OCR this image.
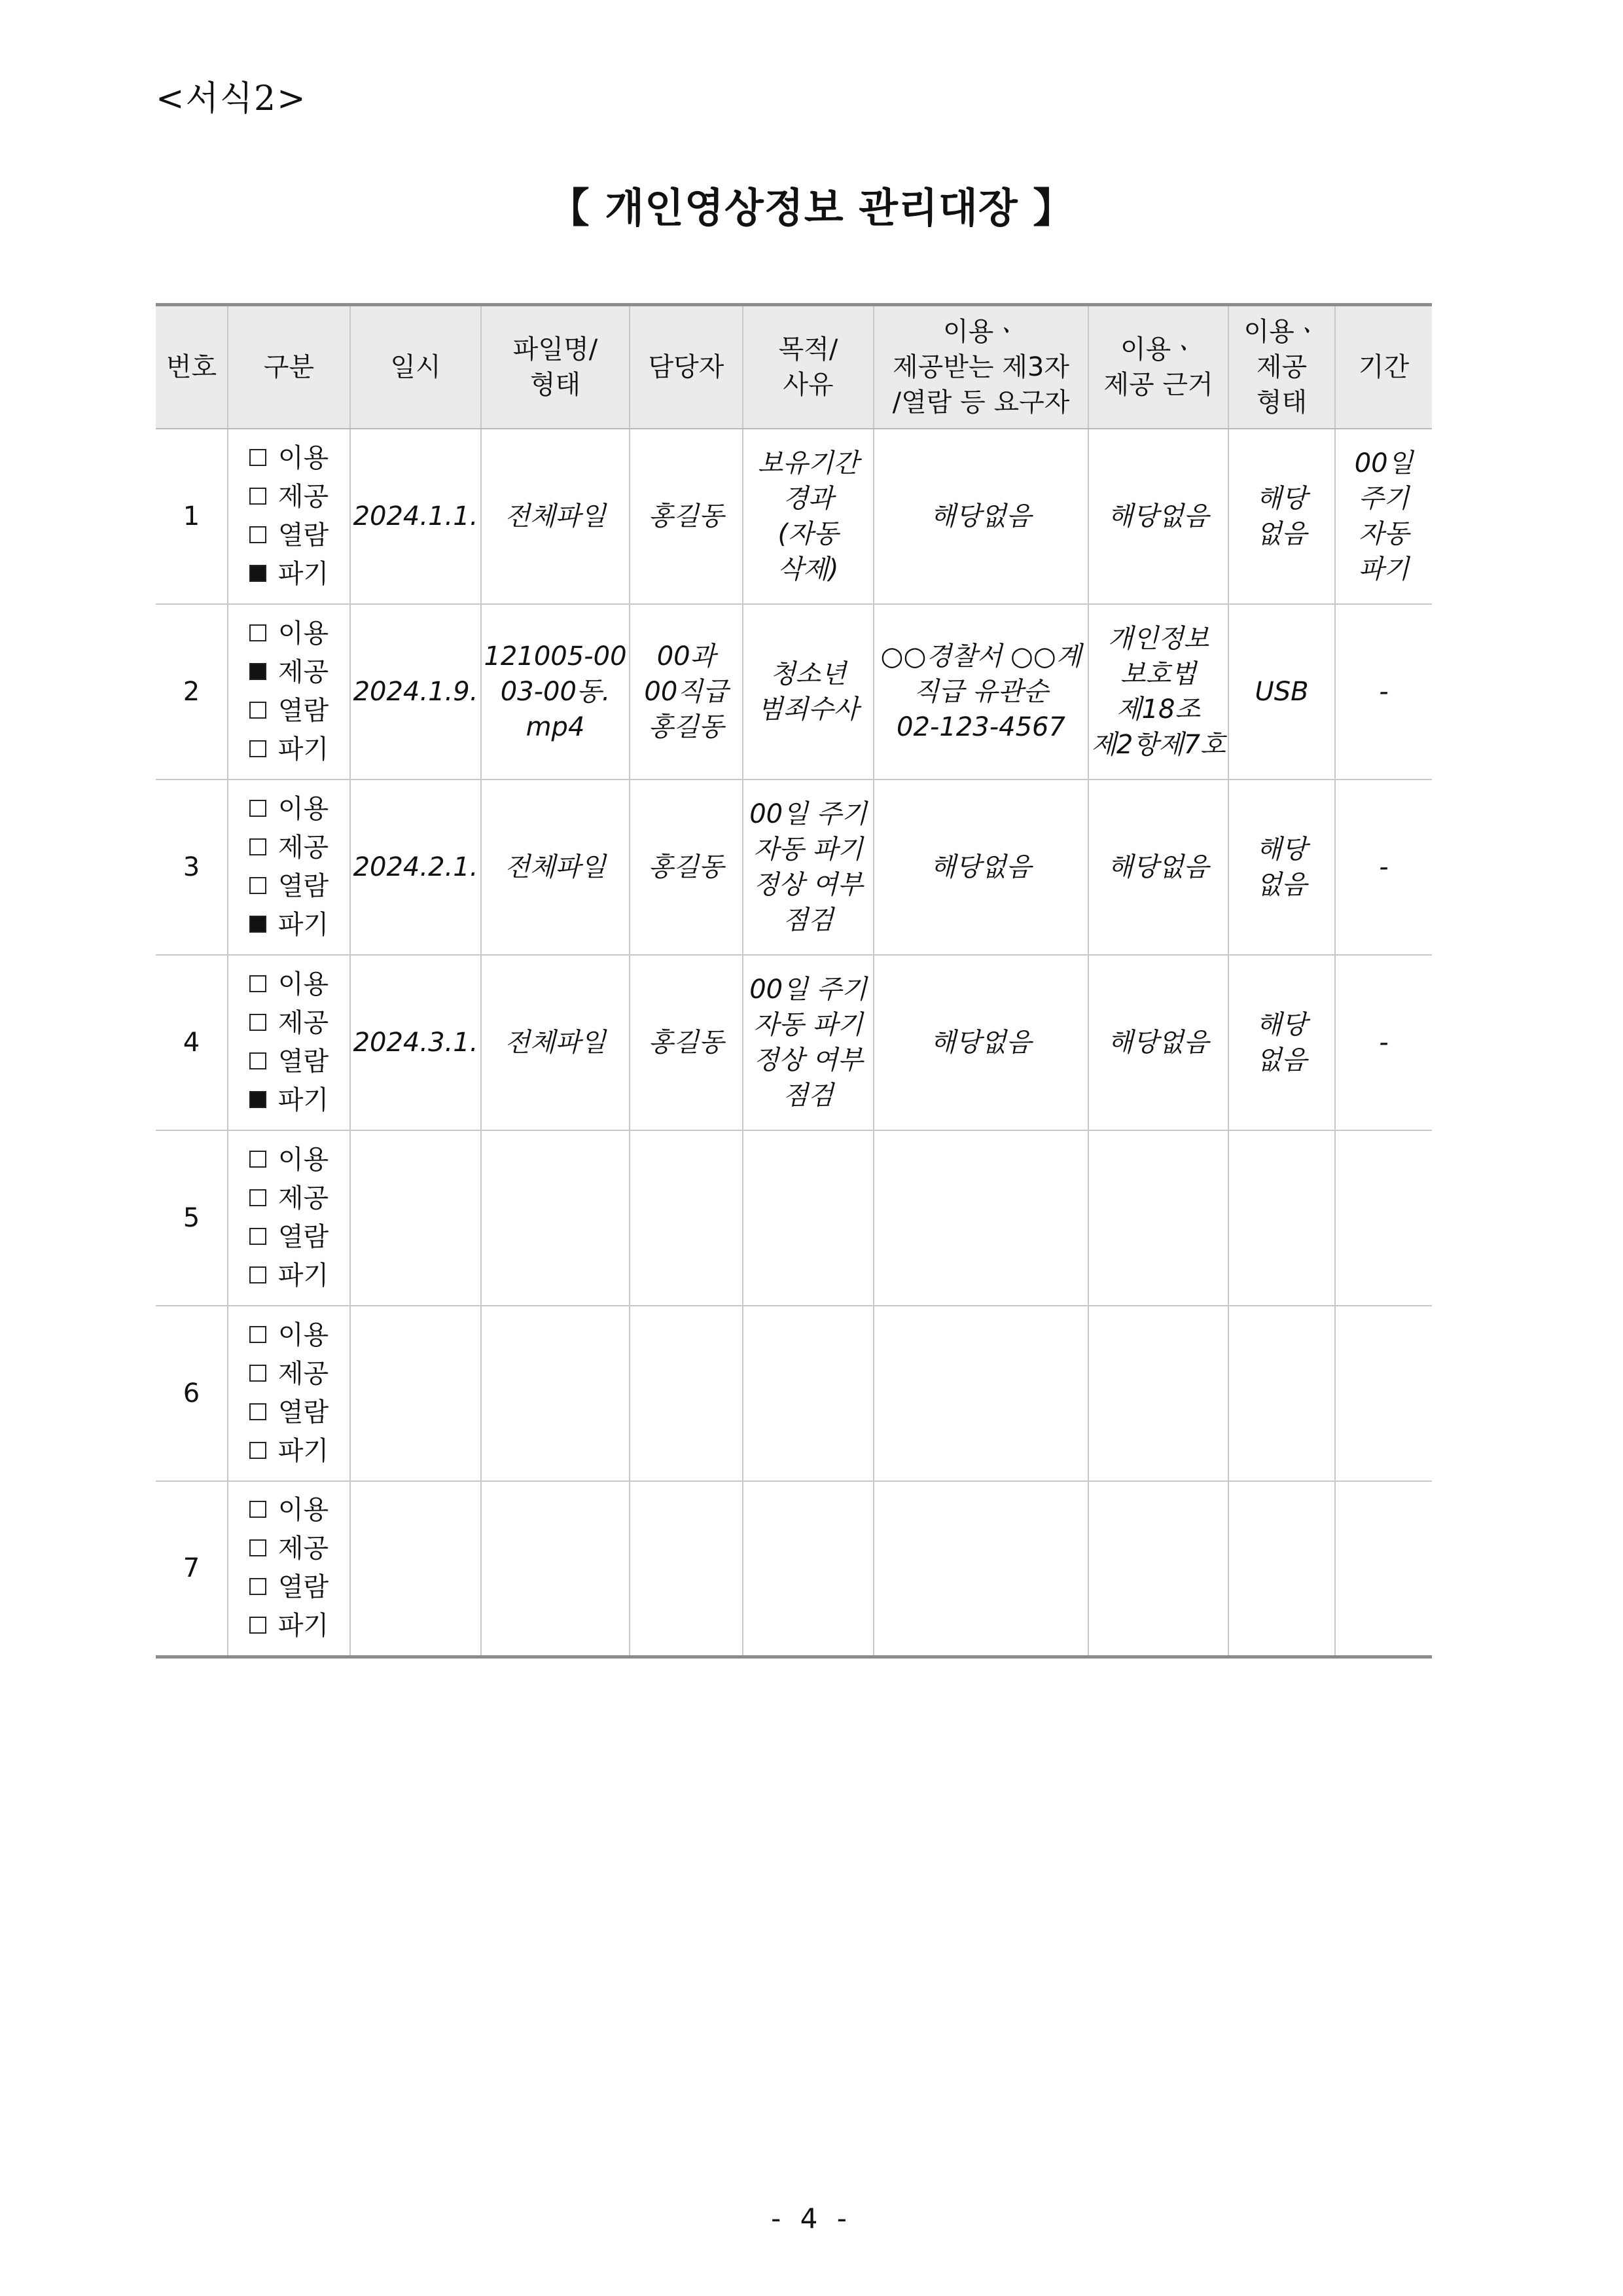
<서식2>
【 개인영상정보 관리대장 】
번호	구분	일시	파일명/
형태	담당자	목적/
사유	이용ㆍ
제공받는 제3자
/열람 등 요구자	이용ㆍ
제공 근거	이용ㆍ
제공
형태	기간
1	이용
제공
열람
파기	2024.1.1.	전체파일	홍길동	보유기간
경과
(자동
삭제)	해당없음	해당없음	해당
없음	00일
주기
자동
파기
2	이용
제공
열람
파기	2024.1.9.	121005-00
03-00동.
mp4	00과
00직급
홍길동	청소년
범죄수사	○○경찰서 ○○계
직급 유관순
02-123-4567	개인정보
보호법
제18조
제2항제7호	USB	-
3	이용
제공
열람
파기	2024.2.1.	전체파일	홍길동	00일 주기
자동 파기
정상 여부
점검	해당없음	해당없음	해당
없음	-
4	이용
제공
열람
파기	2024.3.1.	전체파일	홍길동	00일 주기
자동 파기
정상 여부
점검	해당없음	해당없음	해당
없음	-
5	이용
제공
열람
파기								

6	이용
제공
열람
파기								

7	이용
제공
열람
파기								

- 4 -
